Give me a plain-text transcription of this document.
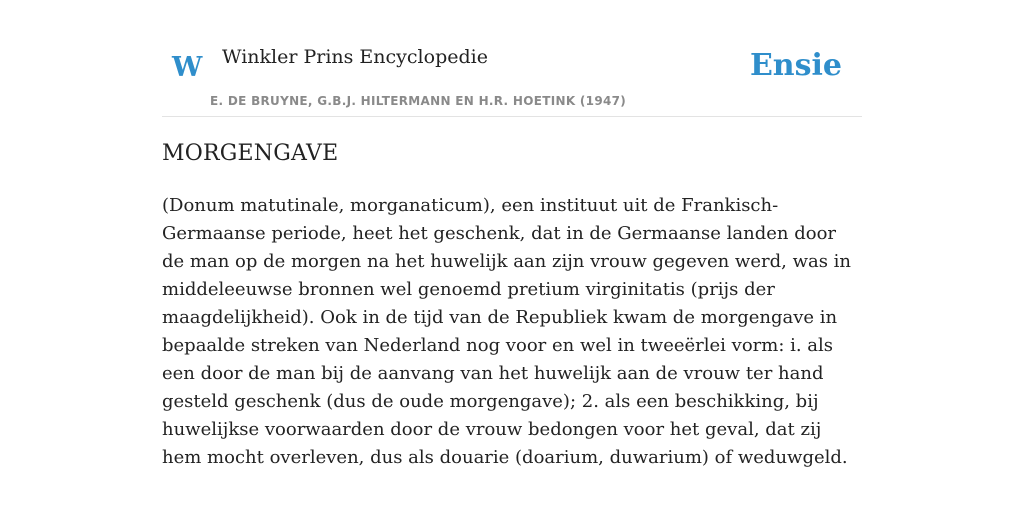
W Winkler Prins Encyclopedie
E. DE BRUYNE, G.B.J. HILTERMANN EN H.R. HOETINK (1947)
Ensie
MORGENGAVE

(Donum matutinale, morganaticum), een instituut uit de Frankisch-Germaanse periode, heet het geschenk, dat in de Germaanse landen door de man op de morgen na het huwelijk aan zijn vrouw gegeven werd, was in middeleeuwse bronnen wel genoemd pretium virginitatis (prijs der maagdelijkheid). Ook in de tijd van de Republiek kwam de morgengave in bepaalde streken van Nederland nog voor en wel in tweeërlei vorm: i. als een door de man bij de aanvang van het huwelijk aan de vrouw ter hand gesteld geschenk (dus de oude morgengave); 2. als een beschikking, bij huwelijkse voorwaarden door de vrouw bedongen voor het geval, dat zij hem mocht overleven, dus als douarie (doarium, duwarium) of weduwgeld.
